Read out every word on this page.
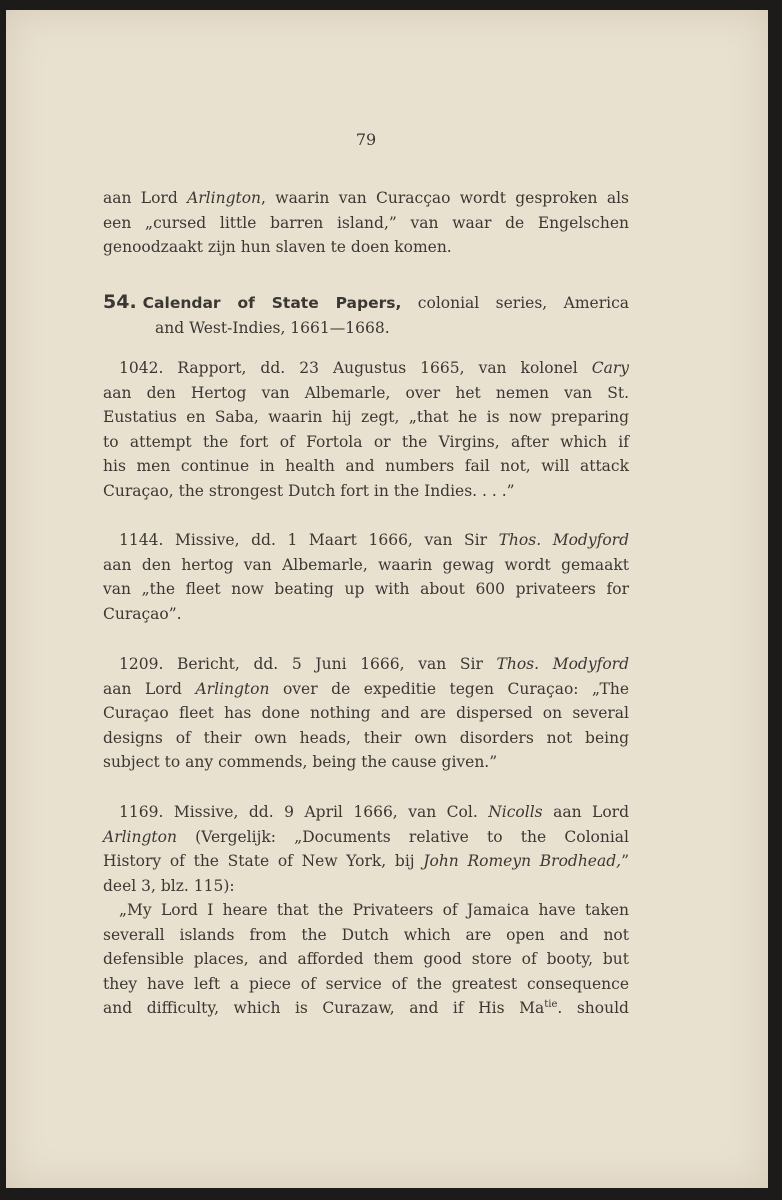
79
aan Lord Arlington, waarin van Curacçao wordt gesproken als
een „cursed little barren island,” van waar de Engelschen
genoodzaakt zijn hun slaven te doen komen.
54. Calendar of State Papers, colonial series, America
and West-Indies, 1661—1668.
1042. Rapport, dd. 23 Augustus 1665, van kolonel Cary
aan den Hertog van Albemarle, over het nemen van St.
Eustatius en Saba, waarin hij zegt, „that he is now preparing
to attempt the fort of Fortola or the Virgins, after which if
his men continue in health and numbers fail not, will attack
Curaçao, the strongest Dutch fort in the Indies. . . .”
1144. Missive, dd. 1 Maart 1666, van Sir Thos. Modyford
aan den hertog van Albemarle, waarin gewag wordt gemaakt
van „the fleet now beating up with about 600 privateers for
Curaçao”.
1209. Bericht, dd. 5 Juni 1666, van Sir Thos. Modyford
aan Lord Arlington over de expeditie tegen Curaçao: „The
Curaçao fleet has done nothing and are dispersed on several
designs of their own heads, their own disorders not being
subject to any commends, being the cause given.”
1169. Missive, dd. 9 April 1666, van Col. Nicolls aan Lord
Arlington (Vergelijk: „Documents relative to the Colonial
History of the State of New York, bij John Romeyn Brodhead,”
deel 3, blz. 115):
„My Lord I heare that the Privateers of Jamaica have taken
severall islands from the Dutch which are open and not
defensible places, and afforded them good store of booty, but
they have left a piece of service of the greatest consequence
and difficulty, which is Curazaw, and if His $Ma^{tie}$. should
